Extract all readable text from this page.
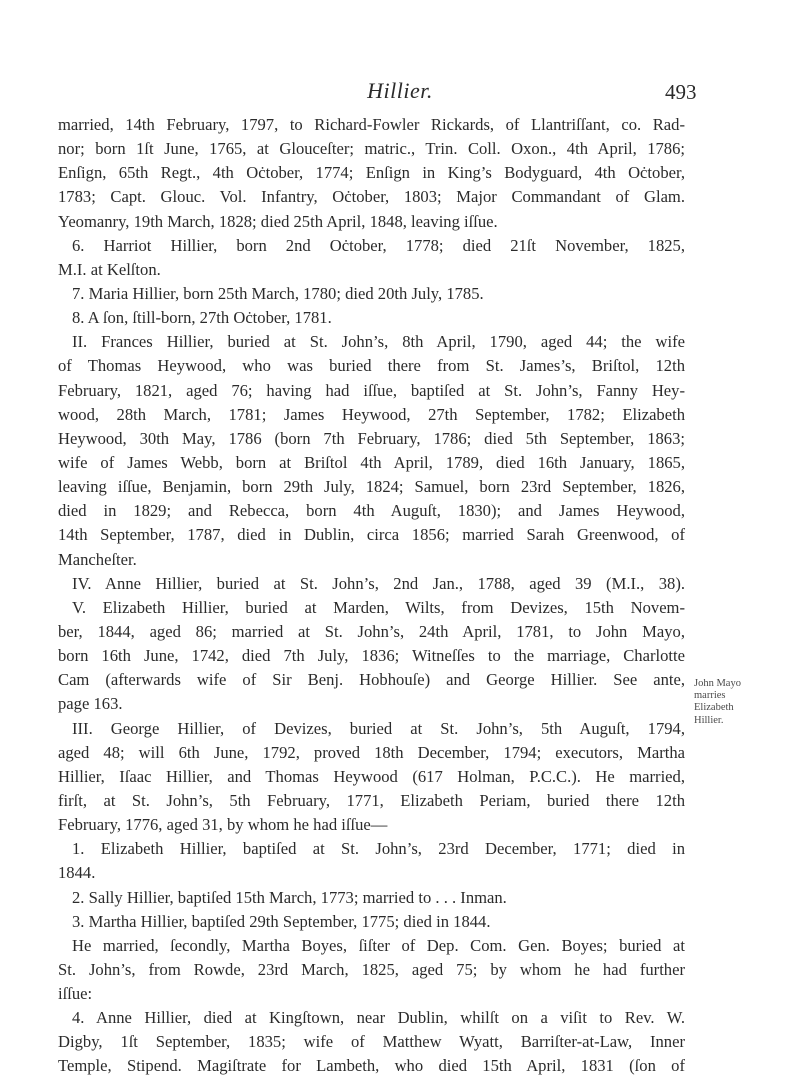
Hillier.	493
married, 14th February, 1797, to Richard-Fowler Rickards, of Llantriſſant, co. Rad-
nor; born 1ſt June, 1765, at Glouceſter; matric., Trin. Coll. Oxon., 4th April, 1786;
Enſign, 65th Regt., 4th Oċtober, 1774; Enſign in King’s Bodyguard, 4th Oċtober,
1783; Capt. Glouc. Vol. Infantry, Oċtober, 1803; Major Commandant of Glam.
Yeomanry, 19th March, 1828; died 25th April, 1848, leaving iſſue.
6. Harriot Hillier, born 2nd Oċtober, 1778; died 21ſt November, 1825,
M.I. at Kelſton.
7. Maria Hillier, born 25th March, 1780; died 20th July, 1785.
8. A ſon, ſtill-born, 27th Oċtober, 1781.
II. Frances Hillier, buried at St. John’s, 8th April, 1790, aged 44; the wife
of Thomas Heywood, who was buried there from St. James’s, Briſtol, 12th
February, 1821, aged 76; having had iſſue, baptiſed at St. John’s, Fanny Hey-
wood, 28th March, 1781; James Heywood, 27th September, 1782; Elizabeth
Heywood, 30th May, 1786 (born 7th February, 1786; died 5th September, 1863;
wife of James Webb, born at Briſtol 4th April, 1789, died 16th January, 1865,
leaving iſſue, Benjamin, born 29th July, 1824; Samuel, born 23rd September, 1826,
died in 1829; and Rebecca, born 4th Auguſt, 1830); and James Heywood,
14th September, 1787, died in Dublin, circa 1856; married Sarah Greenwood, of
Mancheſter.
IV. Anne Hillier, buried at St. John’s, 2nd Jan., 1788, aged 39 (M.I., 38).
V. Elizabeth Hillier, buried at Marden, Wilts, from Devizes, 15th Novem-
ber, 1844, aged 86; married at St. John’s, 24th April, 1781, to John Mayo,
born 16th June, 1742, died 7th July, 1836; Witneſſes to the marriage, Charlotte
Cam (afterwards wife of Sir Benj. Hobhouſe) and George Hillier. See ante,
page 163.
III. George Hillier, of Devizes, buried at St. John’s, 5th Auguſt, 1794,
aged 48; will 6th June, 1792, proved 18th December, 1794; executors, Martha
Hillier, Iſaac Hillier, and Thomas Heywood (617 Holman, P.C.C.). He married,
firſt, at St. John’s, 5th February, 1771, Elizabeth Periam, buried there 12th
February, 1776, aged 31, by whom he had iſſue—
1. Elizabeth Hillier, baptiſed at St. John’s, 23rd December, 1771; died in
1844.
2. Sally Hillier, baptiſed 15th March, 1773; married to . . . Inman.
3. Martha Hillier, baptiſed 29th September, 1775; died in 1844.
He married, ſecondly, Martha Boyes, ſiſter of Dep. Com. Gen. Boyes; buried at
St. John’s, from Rowde, 23rd March, 1825, aged 75; by whom he had further
iſſue:
4. Anne Hillier, died at Kingſtown, near Dublin, whilſt on a viſit to Rev. W.
Digby, 1ſt September, 1835; wife of Matthew Wyatt, Barriſter-at-Law, Inner
Temple, Stipend. Magiſtrate for Lambeth, who died 15th April, 1831 (ſon of
John Mayo
marries
Elizabeth
Hillier.
